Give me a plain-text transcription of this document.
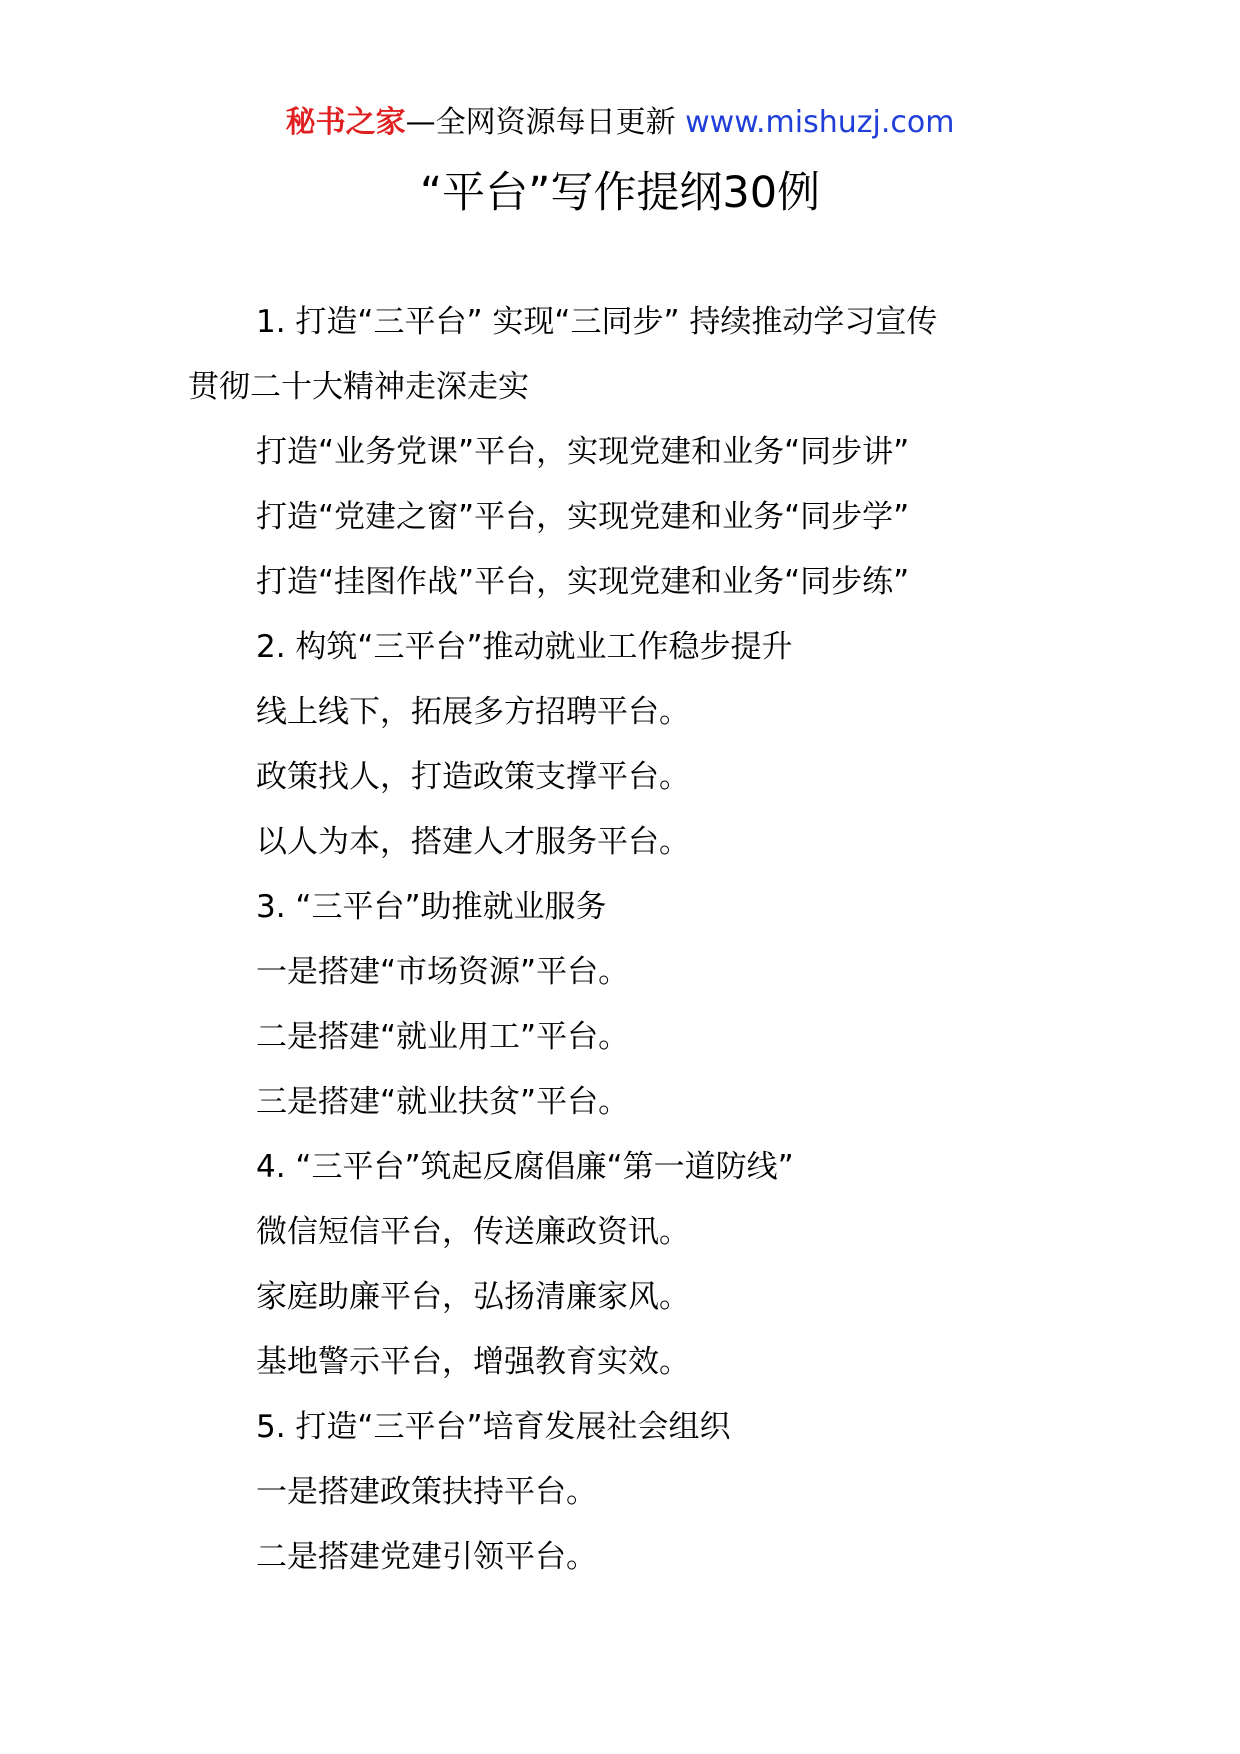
秘书之家—全网资源每日更新 www.mishuzj.com
“平台”写作提纲30例
1. 打造“三平台” 实现“三同步” 持续推动学习宣传
贯彻二十大精神走深走实
打造“业务党课”平台，实现党建和业务“同步讲”
打造“党建之窗”平台，实现党建和业务“同步学”
打造“挂图作战”平台，实现党建和业务“同步练”
2. 构筑“三平台”推动就业工作稳步提升
线上线下，拓展多方招聘平台。
政策找人，打造政策支撑平台。
以人为本，搭建人才服务平台。
3. “三平台”助推就业服务
一是搭建“市场资源”平台。
二是搭建“就业用工”平台。
三是搭建“就业扶贫”平台。
4. “三平台”筑起反腐倡廉“第一道防线”
微信短信平台，传送廉政资讯。
家庭助廉平台，弘扬清廉家风。
基地警示平台，增强教育实效。
5. 打造“三平台”培育发展社会组织
一是搭建政策扶持平台。
二是搭建党建引领平台。
